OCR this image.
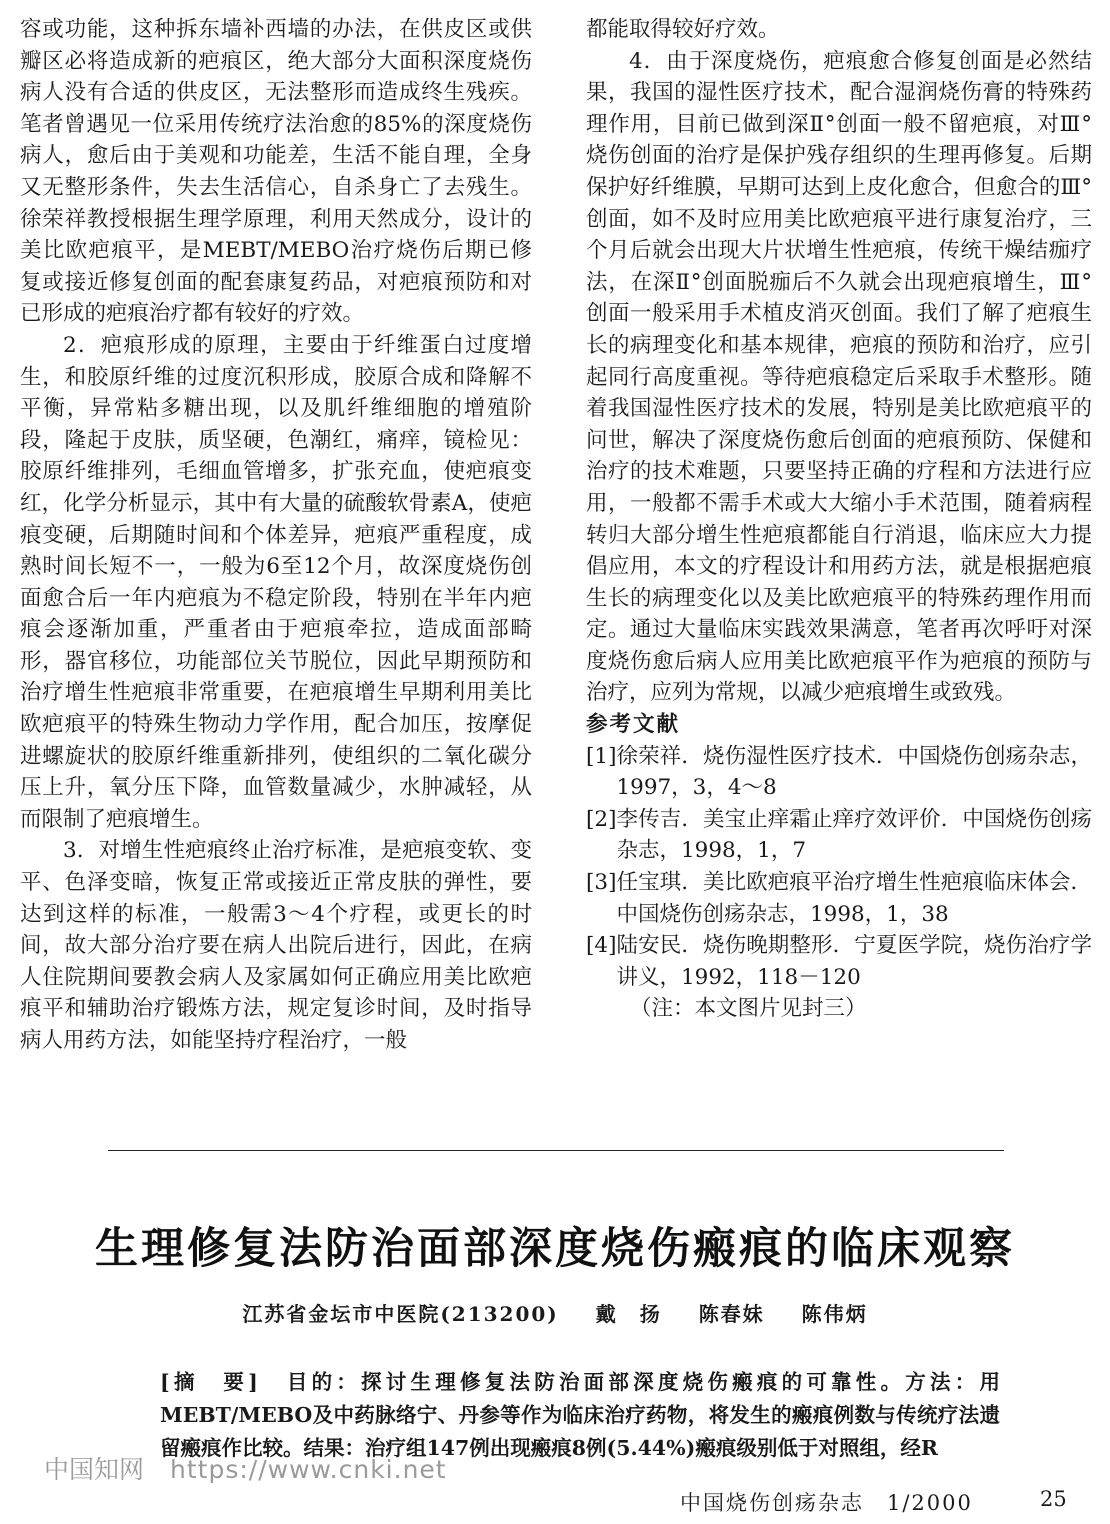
容或功能，这种拆东墙补西墙的办法，在供皮区或供瓣区必将造成新的疤痕区，绝大部分大面积深度烧伤病人没有合适的供皮区，无法整形而造成终生残疾。笔者曾遇见一位采用传统疗法治愈的85%的深度烧伤病人，愈后由于美观和功能差，生活不能自理，全身又无整形条件，失去生活信心，自杀身亡了去残生。徐荣祥教授根据生理学原理，利用天然成分，设计的美比欧疤痕平，是MEBT/MEBO治疗烧伤后期已修复或接近修复创面的配套康复药品，对疤痕预防和对已形成的疤痕治疗都有较好的疗效。

2．疤痕形成的原理，主要由于纤维蛋白过度增生，和胶原纤维的过度沉积形成，胶原合成和降解不平衡，异常粘多糖出现，以及肌纤维细胞的增殖阶段，隆起于皮肤，质坚硬，色潮红，痛痒，镜检见：胶原纤维排列，毛细血管增多，扩张充血，使疤痕变红，化学分析显示，其中有大量的硫酸软骨素A，使疤痕变硬，后期随时间和个体差异，疤痕严重程度，成熟时间长短不一，一般为6至12个月，故深度烧伤创面愈合后一年内疤痕为不稳定阶段，特别在半年内疤痕会逐渐加重，严重者由于疤痕牵拉，造成面部畸形，器官移位，功能部位关节脱位，因此早期预防和治疗增生性疤痕非常重要，在疤痕增生早期利用美比欧疤痕平的特殊生物动力学作用，配合加压，按摩促进螺旋状的胶原纤维重新排列，使组织的二氧化碳分压上升，氧分压下降，血管数量减少，水肿减轻，从而限制了疤痕增生。

3．对增生性疤痕终止治疗标准，是疤痕变软、变平、色泽变暗，恢复正常或接近正常皮肤的弹性，要达到这样的标准，一般需3～4个疗程，或更长的时间，故大部分治疗要在病人出院后进行，因此，在病人住院期间要教会病人及家属如何正确应用美比欧疤痕平和辅助治疗锻炼方法，规定复诊时间，及时指导病人用药方法，如能坚持疗程治疗，一般

都能取得较好疗效。

4．由于深度烧伤，疤痕愈合修复创面是必然结果，我国的湿性医疗技术，配合湿润烧伤膏的特殊药理作用，目前已做到深Ⅱ°创面一般不留疤痕，对Ⅲ°烧伤创面的治疗是保护残存组织的生理再修复。后期保护好纤维膜，早期可达到上皮化愈合，但愈合的Ⅲ°创面，如不及时应用美比欧疤痕平进行康复治疗，三个月后就会出现大片状增生性疤痕，传统干燥结痂疗法，在深Ⅱ°创面脱痂后不久就会出现疤痕增生，Ⅲ°创面一般采用手术植皮消灭创面。我们了解了疤痕生长的病理变化和基本规律，疤痕的预防和治疗，应引起同行高度重视。等待疤痕稳定后采取手术整形。随着我国湿性医疗技术的发展，特别是美比欧疤痕平的问世，解决了深度烧伤愈后创面的疤痕预防、保健和治疗的技术难题，只要坚持正确的疗程和方法进行应用，一般都不需手术或大大缩小手术范围，随着病程转归大部分增生性疤痕都能自行消退，临床应大力提倡应用，本文的疗程设计和用药方法，就是根据疤痕生长的病理变化以及美比欧疤痕平的特殊药理作用而定。通过大量临床实践效果满意，笔者再次呼吁对深度烧伤愈后病人应用美比欧疤痕平作为疤痕的预防与治疗，应列为常规，以减少疤痕增生或致残。

参考文献

[1] 徐荣祥．烧伤湿性医疗技术．中国烧伤创疡杂志，1997，3，4～8
[2] 李传吉．美宝止痒霜止痒疗效评价．中国烧伤创疡杂志，1998，1，7
[3] 任宝琪．美比欧疤痕平治疗增生性疤痕临床体会．中国烧伤创疡杂志，1998，1，38
[4] 陆安民．烧伤晚期整形．宁夏医学院，烧伤治疗学讲义，1992，118－120

（注：本文图片见封三）

生理修复法防治面部深度烧伤瘢痕的临床观察
江苏省金坛市中医院(213200) 戴　扬 陈春妹 陈伟炳
[摘　要]　目的：探讨生理修复法防治面部深度烧伤瘢痕的可靠性。方法：用MEBT/MEBO及中药脉络宁、丹参等作为临床治疗药物，将发生的瘢痕例数与传统疗法遗留瘢痕作比较。结果：治疗组147例出现瘢痕8例(5.44%)瘢痕级别低于对照组，经R
中国知网 https://www.cnki.net
中国烧伤创疡杂志　1/2000	25
